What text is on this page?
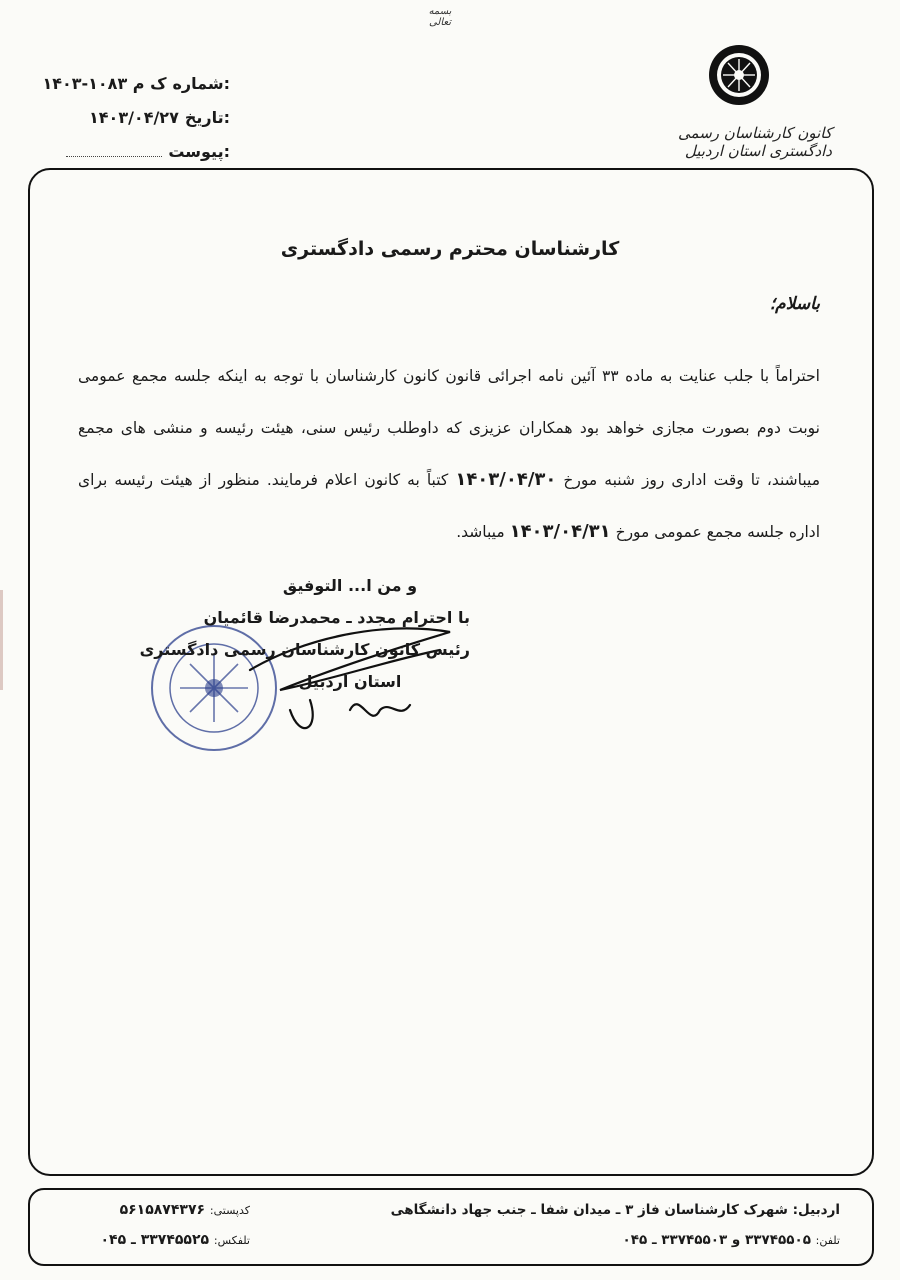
بسمه تعالی
کانون کارشناسان رسمی دادگستری استان اردبیل
شماره:
۱۴۰۳-۱۰۸۳ ک م
تاریخ:
۱۴۰۳/۰۴/۲۷
پیوست:
کارشناسان محترم رسمی دادگستری
باسلام؛
احتراماً با جلب عنایت به ماده ۳۳ آئین نامه اجرائی قانون کانون کارشناسان با توجه به اینکه جلسه مجمع عمومی نوبت دوم بصورت مجازی خواهد بود همکاران عزیزی که داوطلب رئیس سنی، هیئت رئیسه و منشی های مجمع میباشند، تا وقت اداری روز شنبه مورخ ۱۴۰۳/۰۴/۳۰ کتباً به کانون اعلام فرمایند. منظور از هیئت رئیسه برای اداره جلسه مجمع عمومی مورخ ۱۴۰۳/۰۴/۳۱ میباشد.
و من ا... التوفیق
با احترام مجدد ـ محمدرضا قائمیان
رئیس کانون کارشناسان رسمی دادگستری
استان اردبیل
اردبیل: شهرک کارشناسان فاز ۳ ـ میدان شفا ـ جنب جهاد دانشگاهی
تلفن: ۳۳۷۴۵۵۰۵ و ۳۳۷۴۵۵۰۳ ـ ۰۴۵
کدپستی: ۵۶۱۵۸۷۴۳۷۶
تلفکس: ۳۳۷۴۵۵۲۵ ـ ۰۴۵
